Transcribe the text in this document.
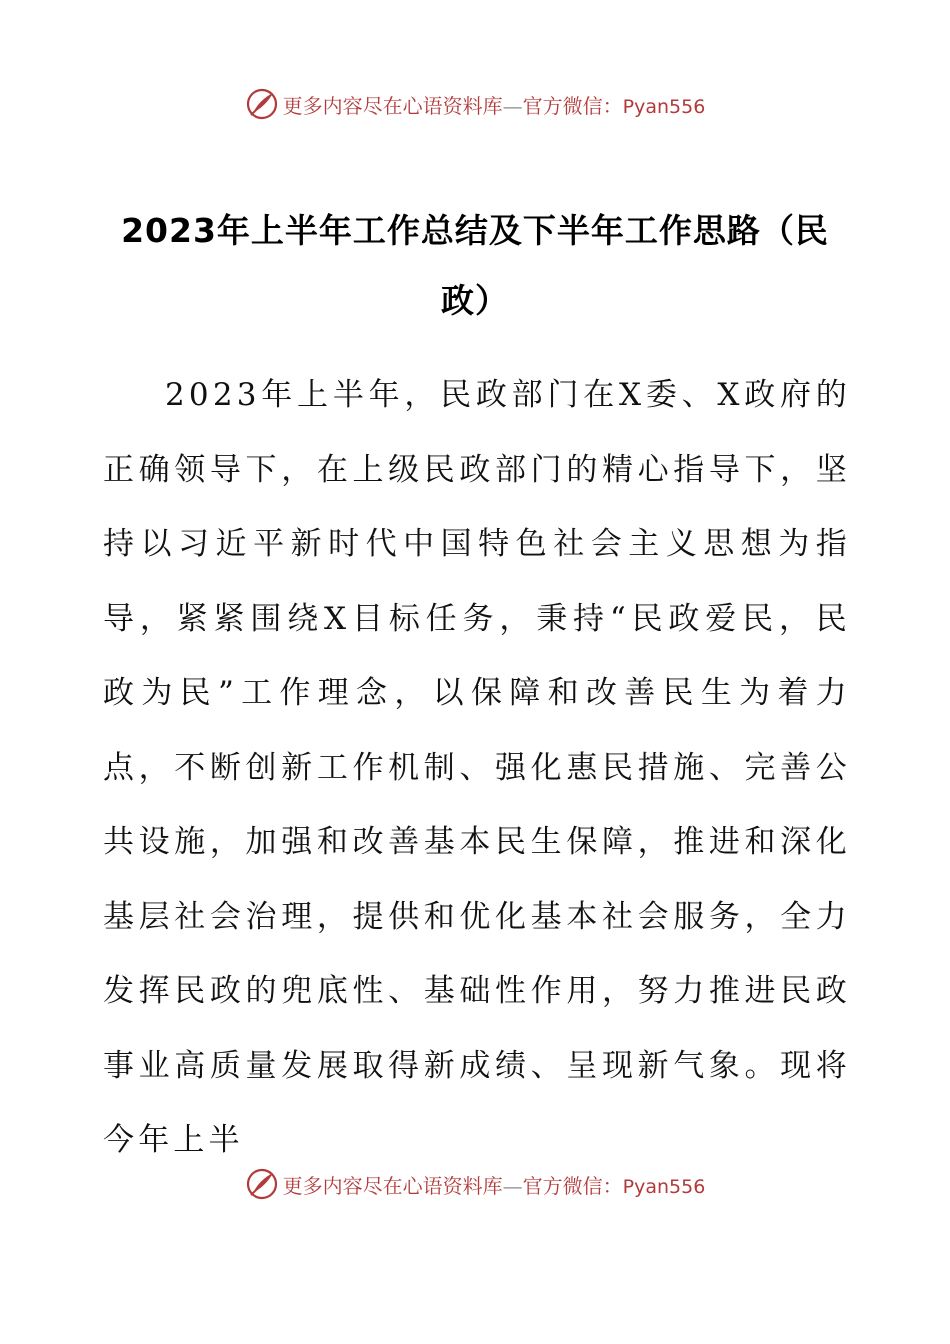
更多内容尽在心语资料库—官方微信：Pyan556
2023年上半年工作总结及下半年工作思路（民政）

2023年上半年，民政部门在X委、X政府的正确领导下，在上级民政部门的精心指导下，坚持以习近平新时代中国特色社会主义思想为指导，紧紧围绕X目标任务，秉持“民政爱民，民政为民”工作理念，以保障和改善民生为着力点，不断创新工作机制、强化惠民措施、完善公共设施，加强和改善基本民生保障，推进和深化基层社会治理，提供和优化基本社会服务，全力发挥民政的兜底性、基础性作用，努力推进民政事业高质量发展取得新成绩、呈现新气象。现将今年上半

更多内容尽在心语资料库—官方微信：Pyan556
